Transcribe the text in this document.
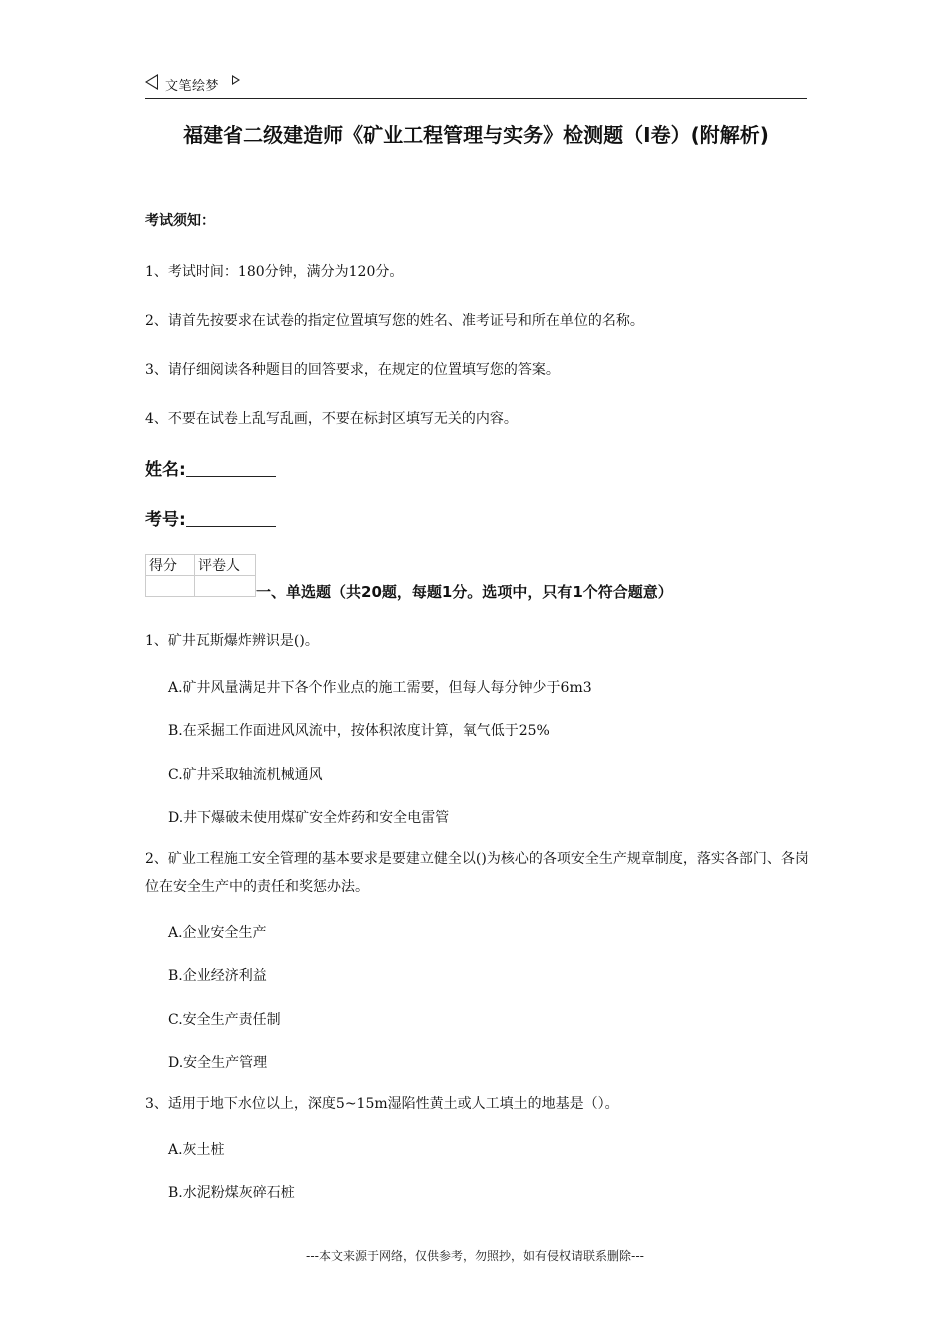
文笔绘梦
福建省二级建造师《矿业工程管理与实务》检测题（I卷）(附解析)
考试须知：
1、考试时间：180分钟，满分为120分。
2、请首先按要求在试卷的指定位置填写您的姓名、准考证号和所在单位的名称。
3、请仔细阅读各种题目的回答要求，在规定的位置填写您的答案。
4、不要在试卷上乱写乱画，不要在标封区填写无关的内容。
姓名:
考号:
得分	评卷人

一、单选题（共20题，每题1分。选项中，只有1个符合题意）
1、矿井瓦斯爆炸辨识是()。
A.矿井风量满足井下各个作业点的施工需要，但每人每分钟少于6m3
B.在采掘工作面进风风流中，按体积浓度计算，氧气低于25%
C.矿井采取轴流机械通风
D.井下爆破未使用煤矿安全炸药和安全电雷管
2、矿业工程施工安全管理的基本要求是要建立健全以()为核心的各项安全生产规章制度，落实各部门、各岗位在安全生产中的责任和奖惩办法。
A.企业安全生产
B.企业经济利益
C.安全生产责任制
D.安全生产管理
3、适用于地下水位以上，深度5~15m湿陷性黄土或人工填土的地基是（）。
A.灰土桩
B.水泥粉煤灰碎石桩
---本文来源于网络，仅供参考，勿照抄，如有侵权请联系删除---
